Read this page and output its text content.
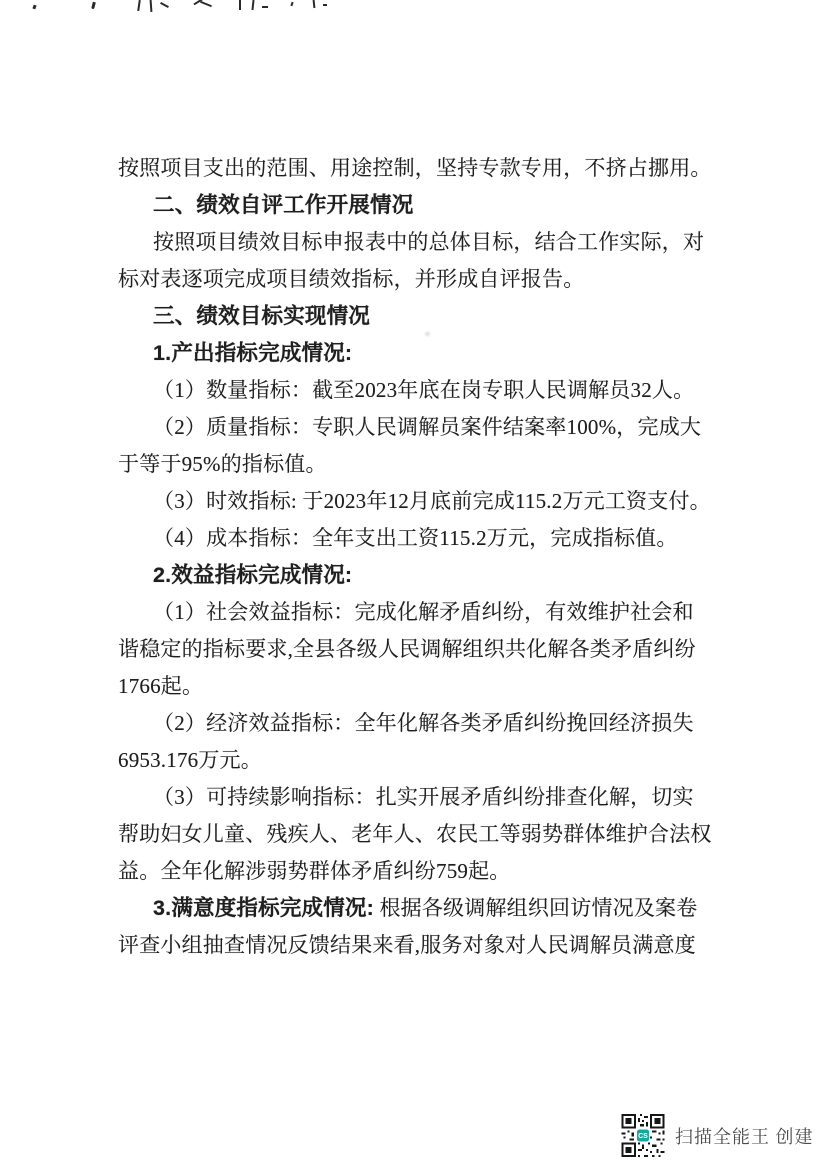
按照项目支出的范围、用途控制，坚持专款专用，不挤占挪用。
二、绩效自评工作开展情况
按照项目绩效目标申报表中的总体目标，结合工作实际，对
标对表逐项完成项目绩效指标，并形成自评报告。
三、绩效目标实现情况
1.产出指标完成情况:
（1）数量指标：截至2023年底在岗专职人民调解员32人。
（2）质量指标：专职人民调解员案件结案率100%，完成大
于等于95%的指标值。
（3）时效指标: 于2023年12月底前完成115.2万元工资支付。
（4）成本指标：全年支出工资115.2万元，完成指标值。
2.效益指标完成情况:
（1）社会效益指标：完成化解矛盾纠纷，有效维护社会和
谐稳定的指标要求,全县各级人民调解组织共化解各类矛盾纠纷
1766起。
（2）经济效益指标：全年化解各类矛盾纠纷挽回经济损失
6953.176万元。
（3）可持续影响指标：扎实开展矛盾纠纷排查化解，切实
帮助妇女儿童、残疾人、老年人、农民工等弱势群体维护合法权
益。全年化解涉弱势群体矛盾纠纷759起。
3.满意度指标完成情况: 根据各级调解组织回访情况及案卷
评查小组抽查情况反馈结果来看,服务对象对人民调解员满意度
CS 扫描全能王 创建
